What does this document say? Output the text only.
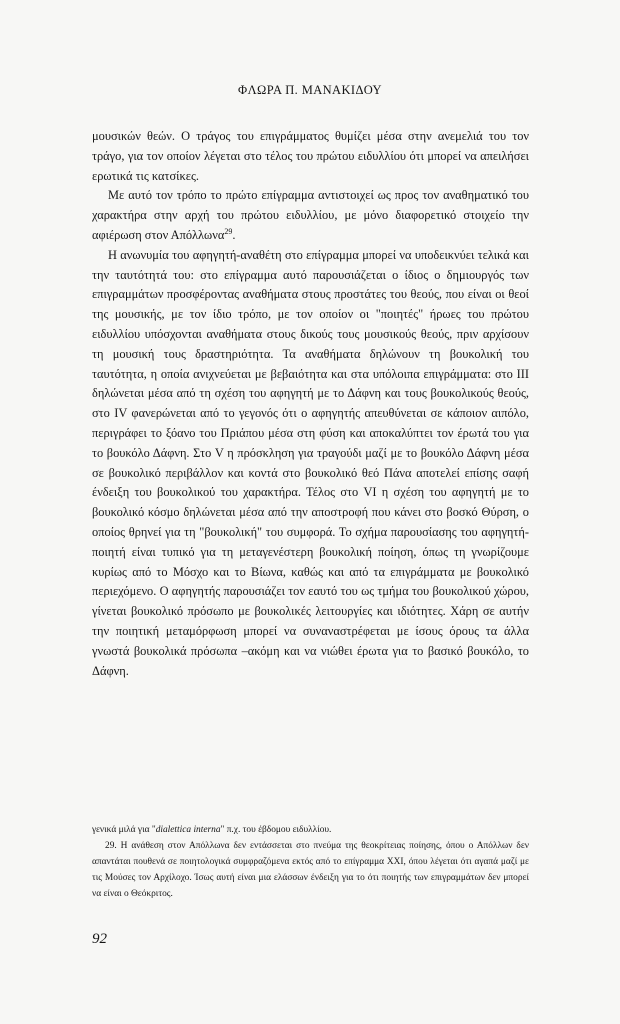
ΦΛΩΡΑ Π. ΜΑΝΑΚΙΔΟΥ

μουσικών θεών. Ο τράγος του επιγράμματος θυμίζει μέσα στην ανεμελιά του τον τράγο, για τον οποίον λέγεται στο τέλος του πρώτου ειδυλλίου ότι μπορεί να απειλήσει ερωτικά τις κατσίκες.

Με αυτό τον τρόπο το πρώτο επίγραμμα αντιστοιχεί ως προς τον αναθηματικό του χαρακτήρα στην αρχή του πρώτου ειδυλλίου, με μόνο διαφορετικό στοιχείο την αφιέρωση στον Απόλλωνα$^{29}$.

Η ανωνυμία του αφηγητή-αναθέτη στο επίγραμμα μπορεί να υποδεικνύει τελικά και την ταυτότητά του: στο επίγραμμα αυτό παρουσιάζεται ο ίδιος ο δημιουργός των επιγραμμάτων προσφέροντας αναθήματα στους προστάτες του θεούς, που είναι οι θεοί της μουσικής, με τον ίδιο τρόπο, με τον οποίον οι "ποιητές" ήρωες του πρώτου ειδυλλίου υπόσχονται αναθήματα στους δικούς τους μουσικούς θεούς, πριν αρχίσουν τη μουσική τους δραστηριότητα. Τα αναθήματα δηλώνουν τη βουκολική του ταυτότητα, η οποία ανιχνεύεται με βεβαιότητα και στα υπόλοιπα επιγράμματα: στο ΙΙΙ δηλώνεται μέσα από τη σχέση του αφηγητή με το Δάφνη και τους βουκολικούς θεούς, στο IV φανερώνεται από το γεγονός ότι ο αφηγητής απευθύνεται σε κάποιον αιπόλο, περιγράφει το ξόανο του Πριάπου μέσα στη φύση και αποκαλύπτει τον έρωτά του για το βουκόλο Δάφνη. Στο V η πρόσκληση για τραγούδι μαζί με το βουκόλο Δάφνη μέσα σε βουκολικό περιβάλλον και κοντά στο βουκολικό θεό Πάνα αποτελεί επίσης σαφή ένδειξη του βουκολικού του χαρακτήρα. Τέλος στο VI η σχέση του αφηγητή με το βουκολικό κόσμο δηλώνεται μέσα από την αποστροφή που κάνει στο βοσκό Θύρση, ο οποίος θρηνεί για τη "βουκολική" του συμφορά. Το σχήμα παρουσίασης του αφηγητή-ποιητή είναι τυπικό για τη μεταγενέστερη βουκολική ποίηση, όπως τη γνωρίζουμε κυρίως από το Μόσχο και το Βίωνα, καθώς και από τα επιγράμματα με βουκολικό περιεχόμενο. Ο αφηγητής παρουσιάζει τον εαυτό του ως τμήμα του βουκολικού χώρου, γίνεται βουκολικό πρόσωπο με βουκολικές λειτουργίες και ιδιότητες. Χάρη σε αυτήν την ποιητική μεταμόρφωση μπορεί να συναναστρέφεται με ίσους όρους τα άλλα γνωστά βουκολικά πρόσωπα –ακόμη και να νιώθει έρωτα για το βασικό βουκόλο, το Δάφνη.

γενικά μιλά για "dialettica interna" π.χ. του έβδομου ειδυλλίου.

29. Η ανάθεση στον Απόλλωνα δεν εντάσσεται στο πνεύμα της θεοκρίτειας ποίησης, όπου ο Απόλλων δεν απαντάται πουθενά σε ποιητολογικά συμφραζόμενα εκτός από το επίγραμμα XXI, όπου λέγεται ότι αγαπά μαζί με τις Μούσες τον Αρχίλοχο. Ίσως αυτή είναι μια ελάσσων ένδειξη για το ότι ποιητής των επιγραμμάτων δεν μπορεί να είναι ο Θεόκριτος.

92
